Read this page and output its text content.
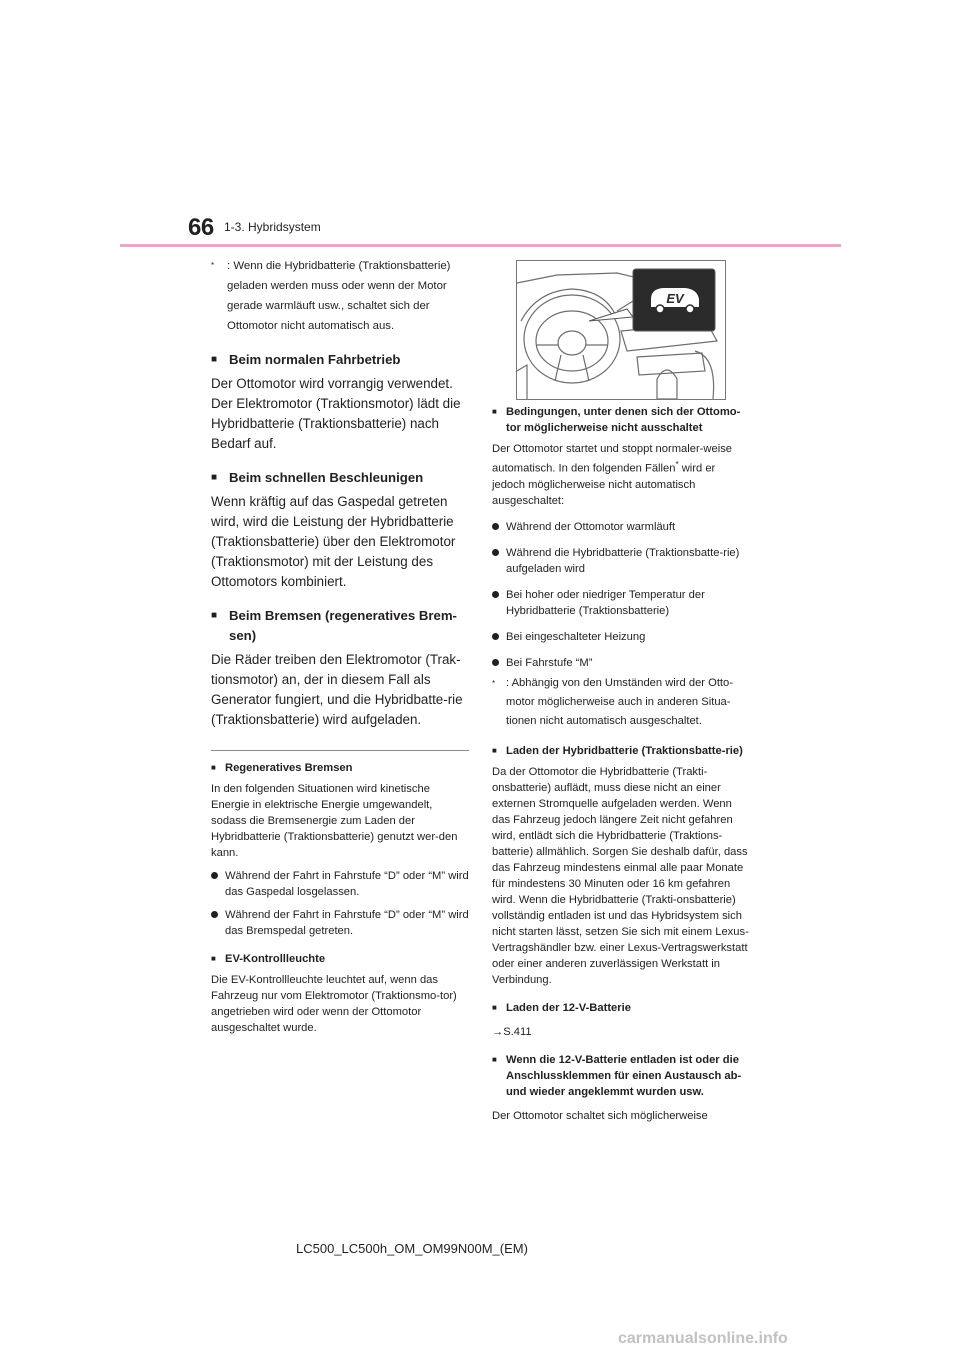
66 1-3. Hybridsystem
*	: Wenn die Hybridbatterie (Traktionsbatterie) geladen werden muss oder wenn der Motor gerade warmläuft usw., schaltet sich der Ottomotor nicht automatisch aus.
■ Beim normalen Fahrbetrieb
Der Ottomotor wird vorrangig verwendet. Der Elektromotor (Traktionsmotor) lädt die Hybridbatterie (Traktionsbatterie) nach Bedarf auf.
■ Beim schnellen Beschleunigen
Wenn kräftig auf das Gaspedal getreten wird, wird die Leistung der Hybridbatterie (Traktionsbatterie) über den Elektromotor (Traktionsmotor) mit der Leistung des Ottomotors kombiniert.
■ Beim Bremsen (regeneratives Brem-sen)
Die Räder treiben den Elektromotor (Trak-tionsmotor) an, der in diesem Fall als Generator fungiert, und die Hybridbatte-rie (Traktionsbatterie) wird aufgeladen.
■ Regeneratives Bremsen
In den folgenden Situationen wird kinetische Energie in elektrische Energie umgewandelt, sodass die Bremsenergie zum Laden der Hybridbatterie (Traktionsbatterie) genutzt wer-den kann.
Während der Fahrt in Fahrstufe “D” oder “M” wird das Gaspedal losgelassen.
Während der Fahrt in Fahrstufe “D” oder “M” wird das Bremspedal getreten.
■ EV-Kontrollleuchte
Die EV-Kontrollleuchte leuchtet auf, wenn das Fahrzeug nur vom Elektromotor (Traktionsmo-tor) angetrieben wird oder wenn der Ottomotor ausgeschaltet wurde.
EV
■ Bedingungen, unter denen sich der Ottomo-tor möglicherweise nicht ausschaltet
Der Ottomotor startet und stoppt normaler-weise automatisch. In den folgenden Fällen* wird er jedoch möglicherweise nicht automatisch ausgeschaltet:
Während der Ottomotor warmläuft
Während die Hybridbatterie (Traktionsbatte-rie) aufgeladen wird
Bei hoher oder niedriger Temperatur der Hybridbatterie (Traktionsbatterie)
Bei eingeschalteter Heizung
Bei Fahrstufe “M”
* : Abhängig von den Umständen wird der Otto-motor möglicherweise auch in anderen Situa-tionen nicht automatisch ausgeschaltet.
■ Laden der Hybridbatterie (Traktionsbatte-rie)
Da der Ottomotor die Hybridbatterie (Trakti-onsbatterie) auflädt, muss diese nicht an einer externen Stromquelle aufgeladen werden. Wenn das Fahrzeug jedoch längere Zeit nicht gefahren wird, entlädt sich die Hybridbatterie (Traktions-batterie) allmählich. Sorgen Sie deshalb dafür, dass das Fahrzeug mindestens einmal alle paar Monate für mindestens 30 Minuten oder 16 km gefahren wird. Wenn die Hybridbatterie (Trakti-onsbatterie) vollständig entladen ist und das Hybridsystem sich nicht starten lässt, setzen Sie sich mit einem Lexus-Vertragshändler bzw. einer Lexus-Vertragswerkstatt oder einer anderen zuverlässigen Werkstatt in Verbindung.
■ Laden der 12-V-Batterie
→S.411
■ Wenn die 12-V-Batterie entladen ist oder die Anschlussklemmen für einen Austausch ab- und wieder angeklemmt wurden usw.
Der Ottomotor schaltet sich möglicherweise
LC500_LC500h_OM_OM99N00M_(EM)
carmanualsonline.info
